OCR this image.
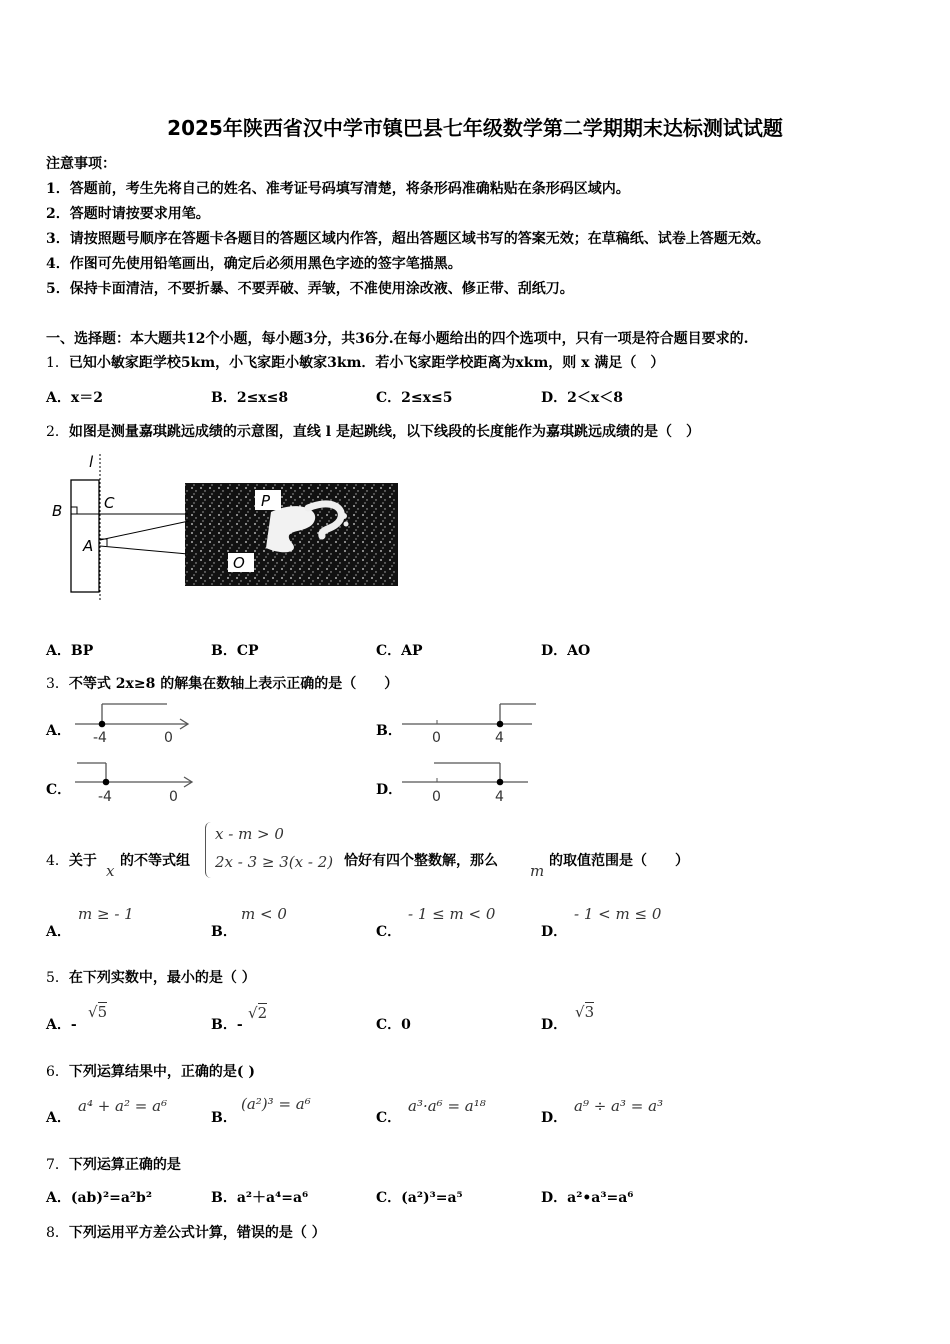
2025年陕西省汉中学市镇巴县七年级数学第二学期期末达标测试试题
注意事项：
1．答题前，考生先将自己的姓名、准考证号码填写清楚，将条形码准确粘贴在条形码区域内。
2．答题时请按要求用笔。
3．请按照题号顺序在答题卡各题目的答题区域内作答，超出答题区域书写的答案无效；在草稿纸、试卷上答题无效。
4．作图可先使用铅笔画出，确定后必须用黑色字迹的签字笔描黑。
5．保持卡面清洁，不要折暴、不要弄破、弄皱，不准使用涂改液、修正带、刮纸刀。
一、选择题：本大题共12个小题，每小题3分，共36分.在每小题给出的四个选项中，只有一项是符合题目要求的.
1．已知小敏家距学校5km，小飞家距小敏家3km．若小飞家距学校距离为xkm，则 x 满足（　）
A．x＝2	B．2≤x≤8	C．2≤x≤5	D．2＜x＜8
2．如图是测量嘉琪跳远成绩的示意图，直线 l 是起跳线，以下线段的长度能作为嘉琪跳远成绩的是（　）
l
P
O
B	C
A
A．BP	B．CP	C．AP	D．AO
3．不等式 2x≥8 的解集在数轴上表示正确的是（　　）
A． -4	0	B． 0	4
C． -4	0	D． 0	4
4．关于
x
的不等式组
x - m > 0
2x - 3 ≥ 3(x - 2) 恰好有四个整数解，那么
m
的取值范围是（　　）
A．
m ≥ - 1
B．
m < 0
C．
- 1 ≤ m < 0
D．
- 1 < m ≤ 0
5．在下列实数中，最小的是（ ）
A．-
√5
B．-
√2
C．0	D．
√3
6．下列运算结果中，正确的是( )
A．
a⁴ + a² = a⁶
B．
(a²)³ = a⁶
C．
a³·a⁶ = a¹⁸
D．
a⁹ ÷ a³ = a³
7．下列运算正确的是
A．(ab)²=a²b²	B．a²＋a⁴=a⁶	C．(a²)³=a⁵	D．a²•a³=a⁶
8．下列运用平方差公式计算，错误的是（ ）
